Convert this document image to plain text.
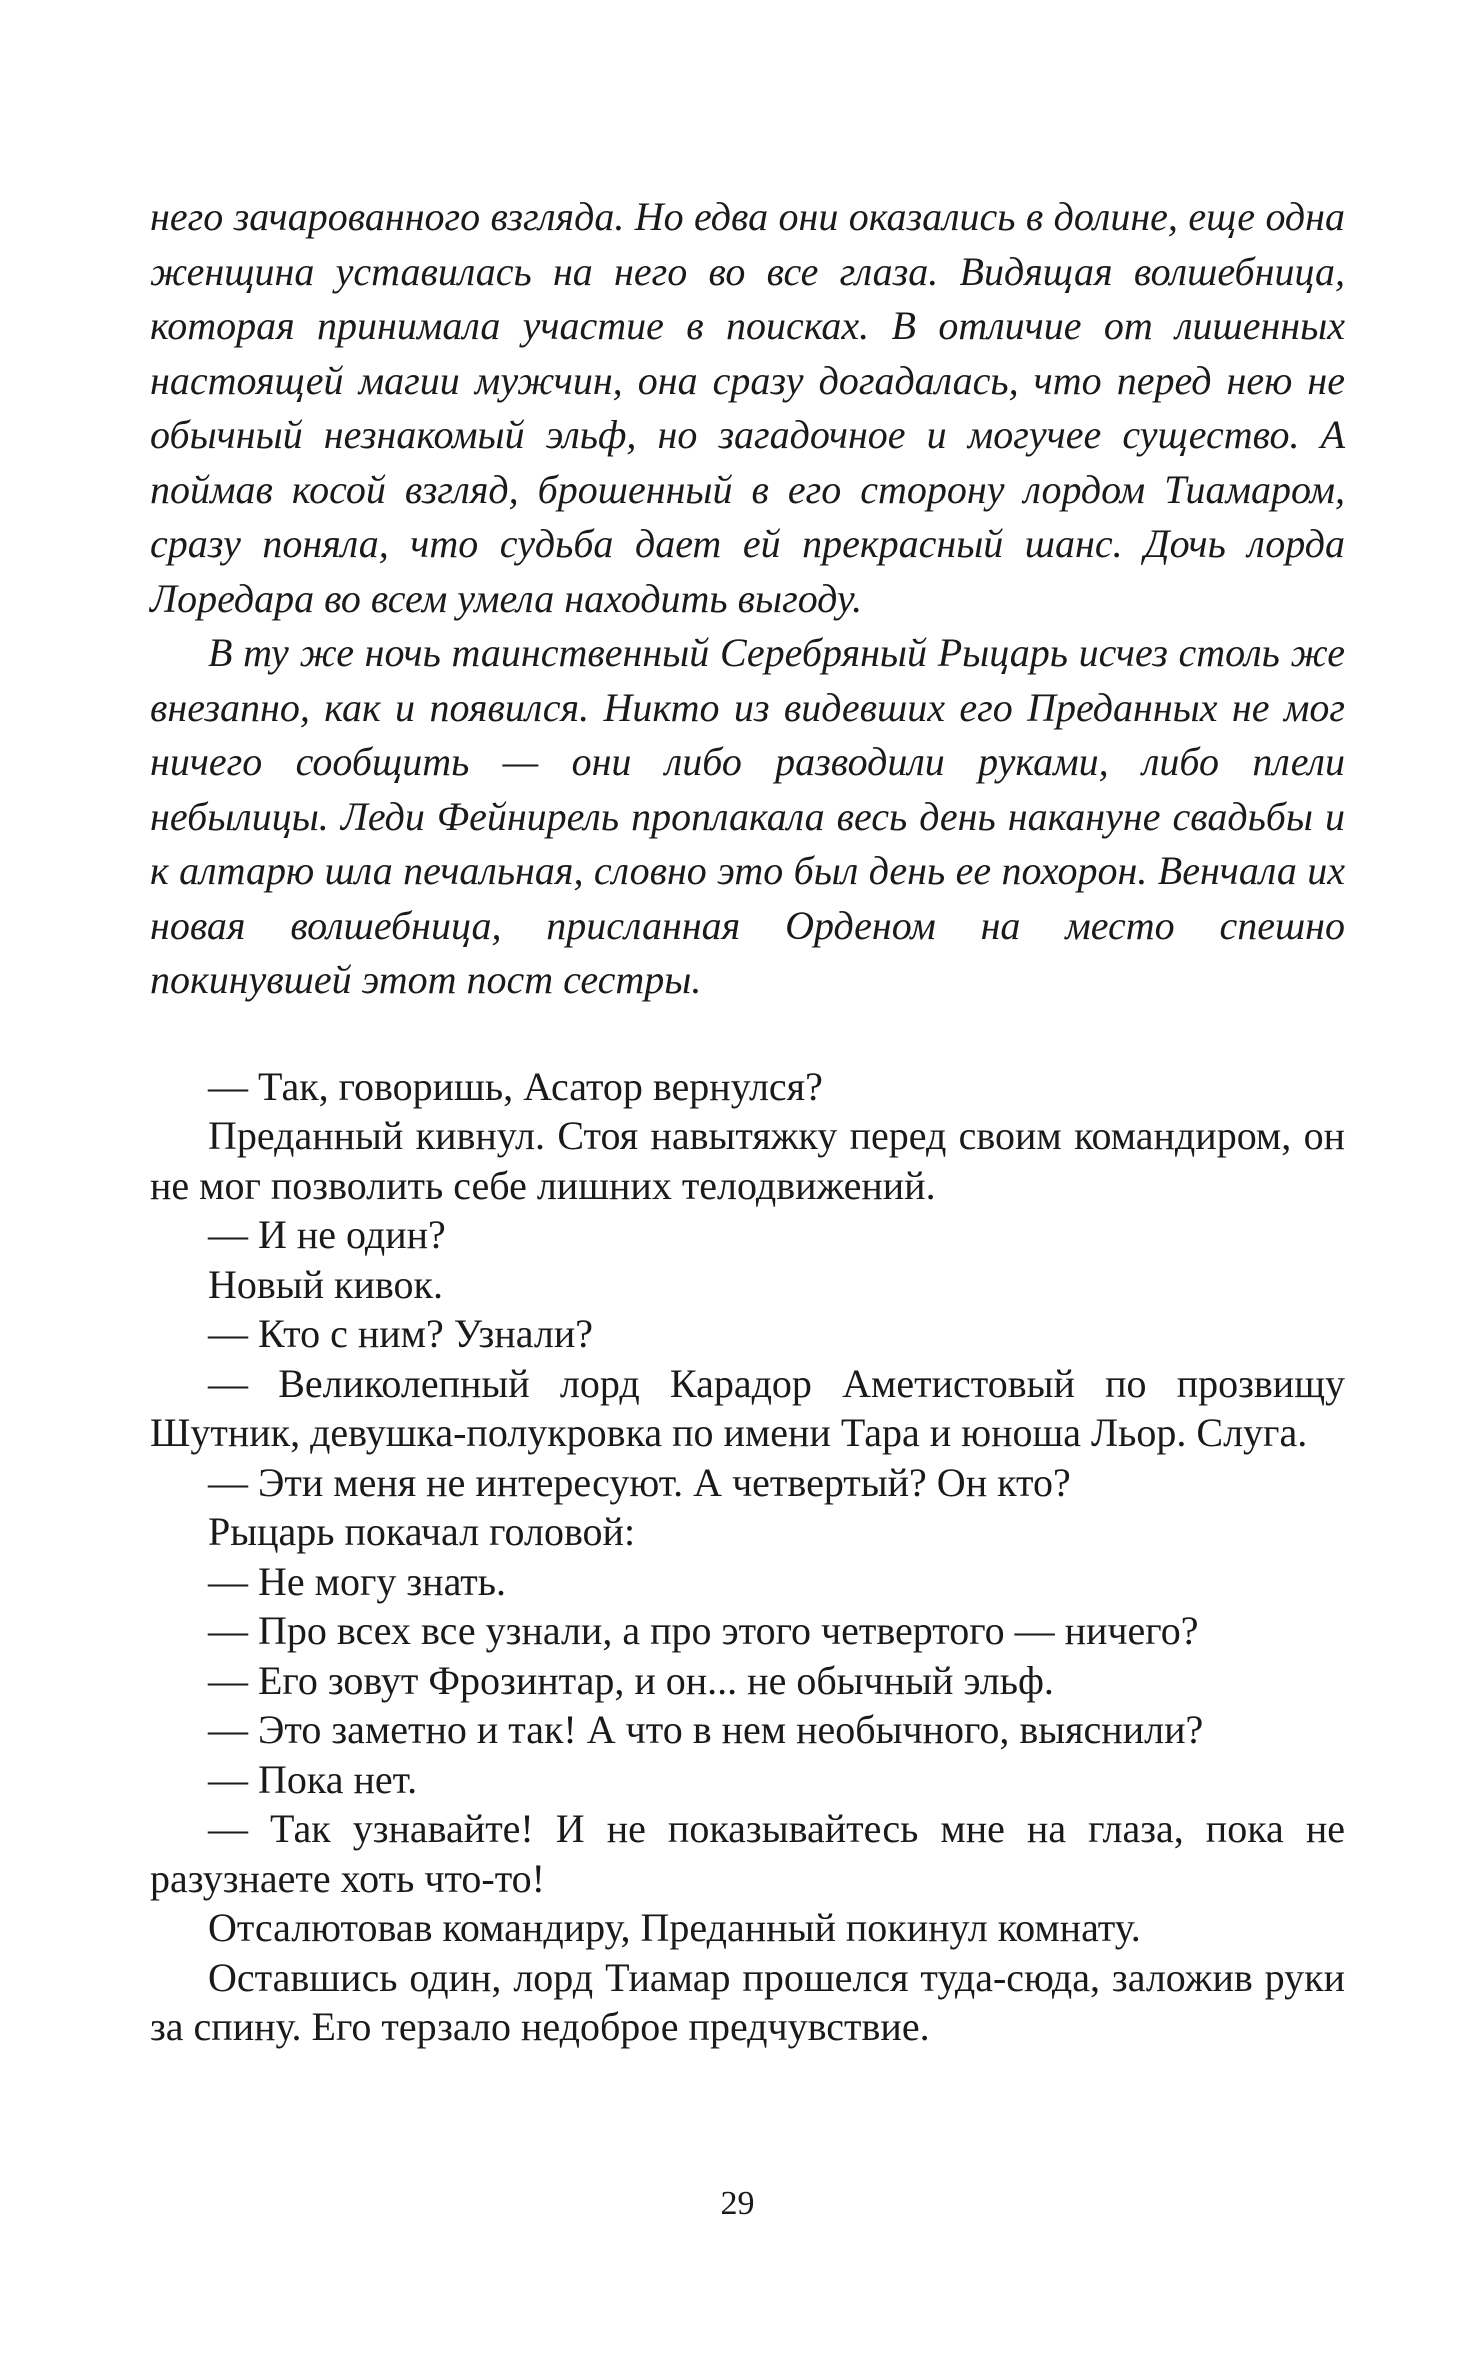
него зачарованного взгляда. Но едва они оказались в долине, еще одна женщина уставилась на него во все глаза. Видящая волшебница, которая принимала участие в поисках. В отличие от лишенных настоящей магии мужчин, она сразу догадалась, что перед нею не обычный незнакомый эльф, но загадочное и могучее существо. А поймав косой взгляд, брошенный в его сторону лордом Тиамаром, сразу поняла, что судьба дает ей прекрасный шанс. Дочь лорда Лоредара во всем умела находить выгоду.

В ту же ночь таинственный Серебряный Рыцарь исчез столь же внезапно, как и появился. Никто из видевших его Преданных не мог ничего сообщить — они либо разводили руками, либо плели небылицы. Леди Фейнирель проплакала весь день накануне свадьбы и к алтарю шла печальная, словно это был день ее похорон. Венчала их новая волшебница, присланная Орденом на место спешно покинувшей этот пост сестры.

— Так, говоришь, Асатор вернулся?

Преданный кивнул. Стоя навытяжку перед своим командиром, он не мог позволить себе лишних телодвижений.

— И не один?

Новый кивок.

— Кто с ним? Узнали?

— Великолепный лорд Карадор Аметистовый по прозвищу Шутник, девушка-полукровка по имени Тара и юноша Льор. Слуга.

— Эти меня не интересуют. А четвертый? Он кто?

Рыцарь покачал головой:

— Не могу знать.

— Про всех все узнали, а про этого четвертого — ничего?

— Его зовут Фрозинтар, и он... не обычный эльф.

— Это заметно и так! А что в нем необычного, выяснили?

— Пока нет.

— Так узнавайте! И не показывайтесь мне на глаза, пока не разузнаете хоть что-то!

Отсалютовав командиру, Преданный покинул комнату.

Оставшись один, лорд Тиамар прошелся туда-сюда, заложив руки за спину. Его терзало недоброе предчувствие.

29
